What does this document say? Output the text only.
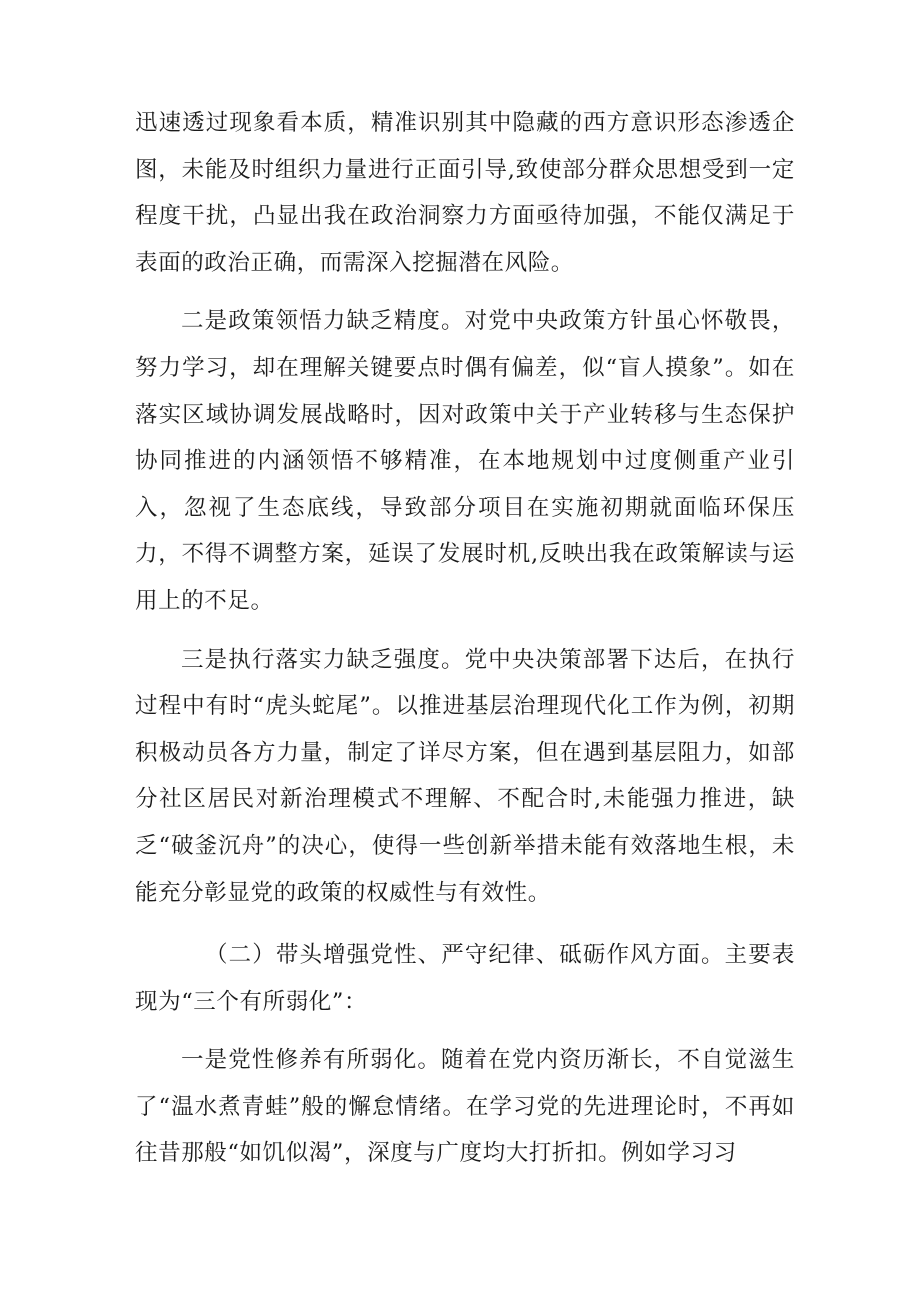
迅速透过现象看本质，精准识别其中隐藏的西方意识形态渗透企图，未能及时组织力量进行正面引导,致使部分群众思想受到一定程度干扰，凸显出我在政治洞察力方面亟待加强，不能仅满足于表面的政治正确，而需深入挖掘潜在风险。

二是政策领悟力缺乏精度。对党中央政策方针虽心怀敬畏，努力学习，却在理解关键要点时偶有偏差，似“盲人摸象”。如在落实区域协调发展战略时，因对政策中关于产业转移与生态保护协同推进的内涵领悟不够精准，在本地规划中过度侧重产业引入，忽视了生态底线，导致部分项目在实施初期就面临环保压力，不得不调整方案，延误了发展时机,反映出我在政策解读与运用上的不足。

三是执行落实力缺乏强度。党中央决策部署下达后，在执行过程中有时“虎头蛇尾”。以推进基层治理现代化工作为例，初期积极动员各方力量，制定了详尽方案，但在遇到基层阻力，如部分社区居民对新治理模式不理解、不配合时,未能强力推进，缺乏“破釜沉舟”的决心，使得一些创新举措未能有效落地生根，未能充分彰显党的政策的权威性与有效性。

（二）带头增强党性、严守纪律、砥砺作风方面。主要表现为“三个有所弱化”：

一是党性修养有所弱化。随着在党内资历渐长，不自觉滋生了“温水煮青蛙”般的懈怠情绪。在学习党的先进理论时，不再如往昔那般“如饥似渴”，深度与广度均大打折扣。例如学习习
